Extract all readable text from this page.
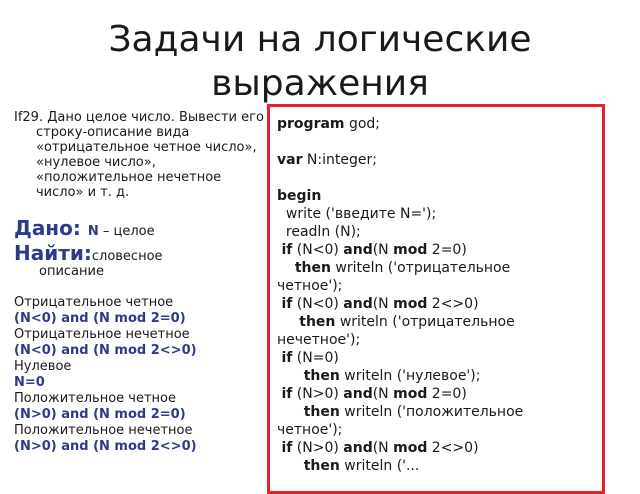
Задачи на логические
выражения
If29. Дано целое число. Вывести его строку-описание вида «отрицательное четное число», «нулевое число», «положительное нечетное число» и т. д.
Дано: N – целое
Найти:словесное
описание
Отрицательное четное
(N<0) and (N mod 2=0)
Отрицательное нечетное
(N<0) and (N mod 2<>0)
Нулевое
N=0
Положительное четное
(N>0) and (N mod 2=0)
Положительное нечетное
(N>0) and (N mod 2<>0)
program god;
var N:integer;
begin
write ('введите N=');
readln (N);
if (N<0) and(N mod 2=0)
then writeln ('отрицательное
четное');
if (N<0) and(N mod 2<>0)
then writeln ('отрицательное
нечетное');
if (N=0)
then writeln ('нулевое');
if (N>0) and(N mod 2=0)
then writeln ('положительное
четное');
if (N>0) and(N mod 2<>0)
then writeln ('...
